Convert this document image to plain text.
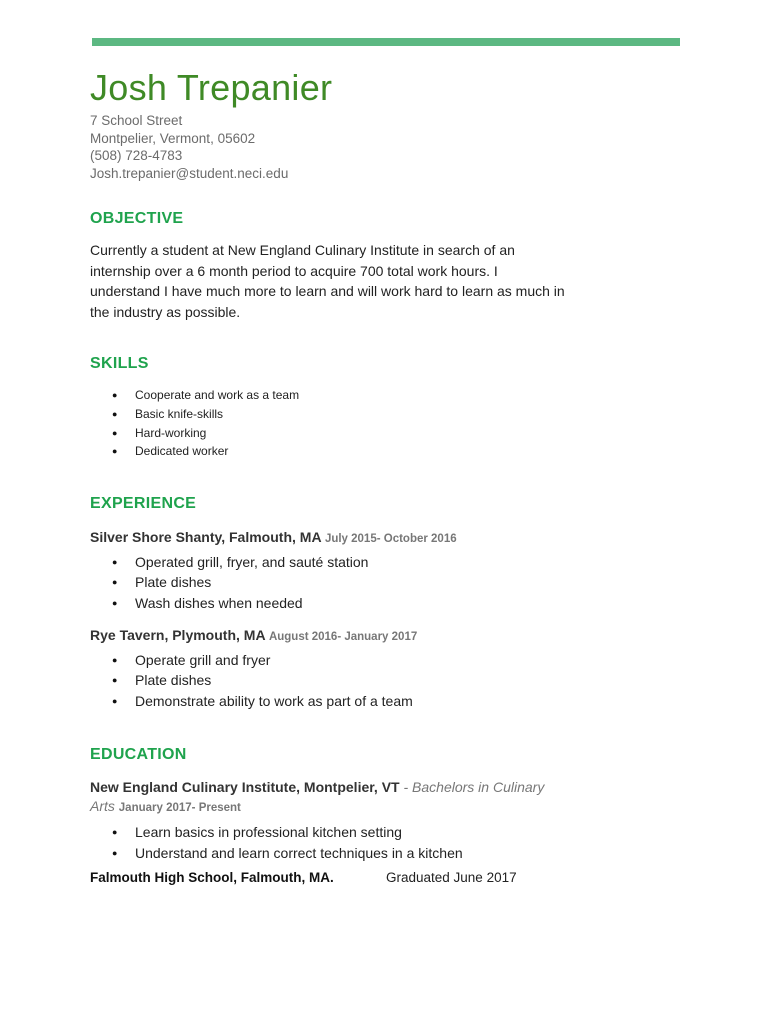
Josh Trepanier
7 School Street
Montpelier, Vermont, 05602
(508) 728-4783
Josh.trepanier@student.neci.edu
OBJECTIVE
Currently a student at New England Culinary Institute in search of an internship over a 6 month period to acquire 700 total work hours. I understand I have much more to learn and will work hard to learn as much in the industry as possible.
SKILLS
● Cooperate and work as a team
● Basic knife-skills
● Hard-working
● Dedicated worker
EXPERIENCE
Silver Shore Shanty, Falmouth, MA July 2015- October 2016
● Operated grill, fryer, and sauté station
● Plate dishes
● Wash dishes when needed
Rye Tavern, Plymouth, MA August 2016- January 2017
● Operate grill and fryer
● Plate dishes
● Demonstrate ability to work as part of a team
EDUCATION
New England Culinary Institute, Montpelier, VT - Bachelors in Culinary Arts January 2017- Present
● Learn basics in professional kitchen setting
● Understand and learn correct techniques in a kitchen
Falmouth High School, Falmouth, MA.	Graduated June 2017
